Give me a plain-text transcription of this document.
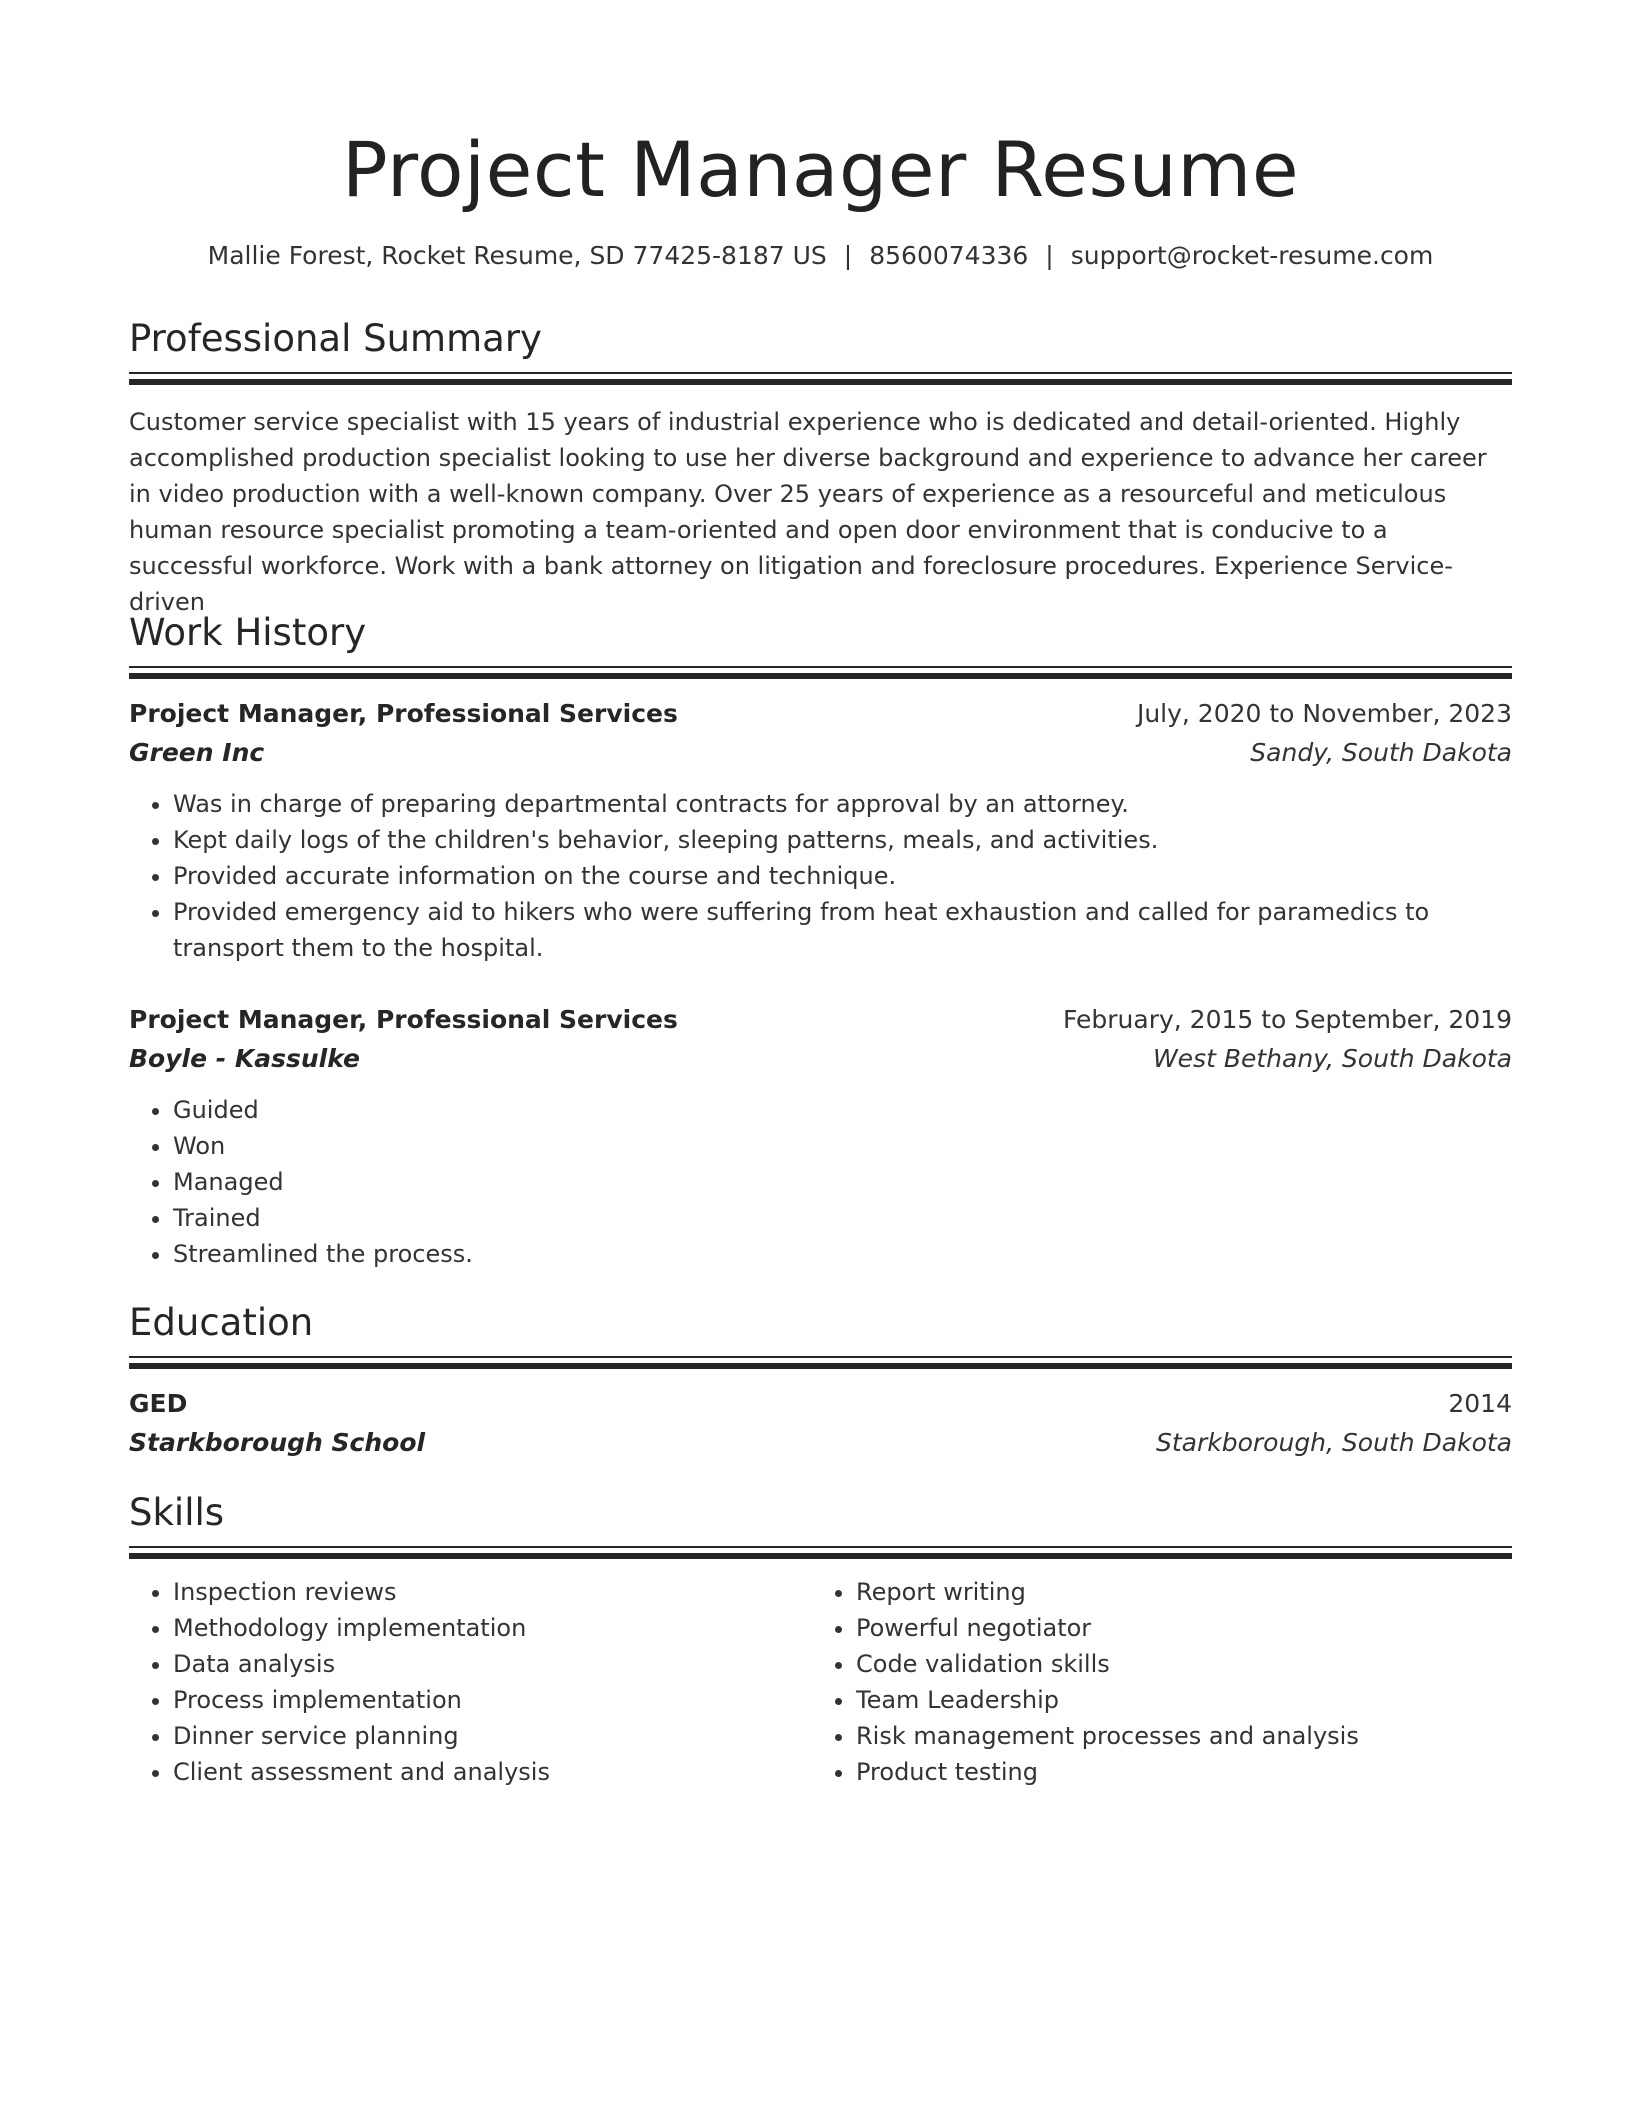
Project Manager Resume
Mallie Forest, Rocket Resume, SD 77425-8187 US | 8560074336 | support@rocket-resume.com
Professional Summary
Customer service specialist with 15 years of industrial experience who is dedicated and detail-oriented. Highly accomplished production specialist looking to use her diverse background and experience to advance her career in video production with a well-known company. Over 25 years of experience as a resourceful and meticulous human resource specialist promoting a team-oriented and open door environment that is conducive to a successful workforce. Work with a bank attorney on litigation and foreclosure procedures. Experience Service-driven
Work History
Project Manager, Professional Services	July, 2020 to November, 2023
Green Inc	Sandy, South Dakota
• Was in charge of preparing departmental contracts for approval by an attorney.
• Kept daily logs of the children's behavior, sleeping patterns, meals, and activities.
• Provided accurate information on the course and technique.
• Provided emergency aid to hikers who were suffering from heat exhaustion and called for paramedics to transport them to the hospital.
Project Manager, Professional Services	February, 2015 to September, 2019
Boyle - Kassulke	West Bethany, South Dakota
• Guided
• Won
• Managed
• Trained
• Streamlined the process.
Education
GED	2014
Starkborough School	Starkborough, South Dakota
Skills
• Inspection reviews
• Methodology implementation
• Data analysis
• Process implementation
• Dinner service planning
• Client assessment and analysis
• Report writing
• Powerful negotiator
• Code validation skills
• Team Leadership
• Risk management processes and analysis
• Product testing
